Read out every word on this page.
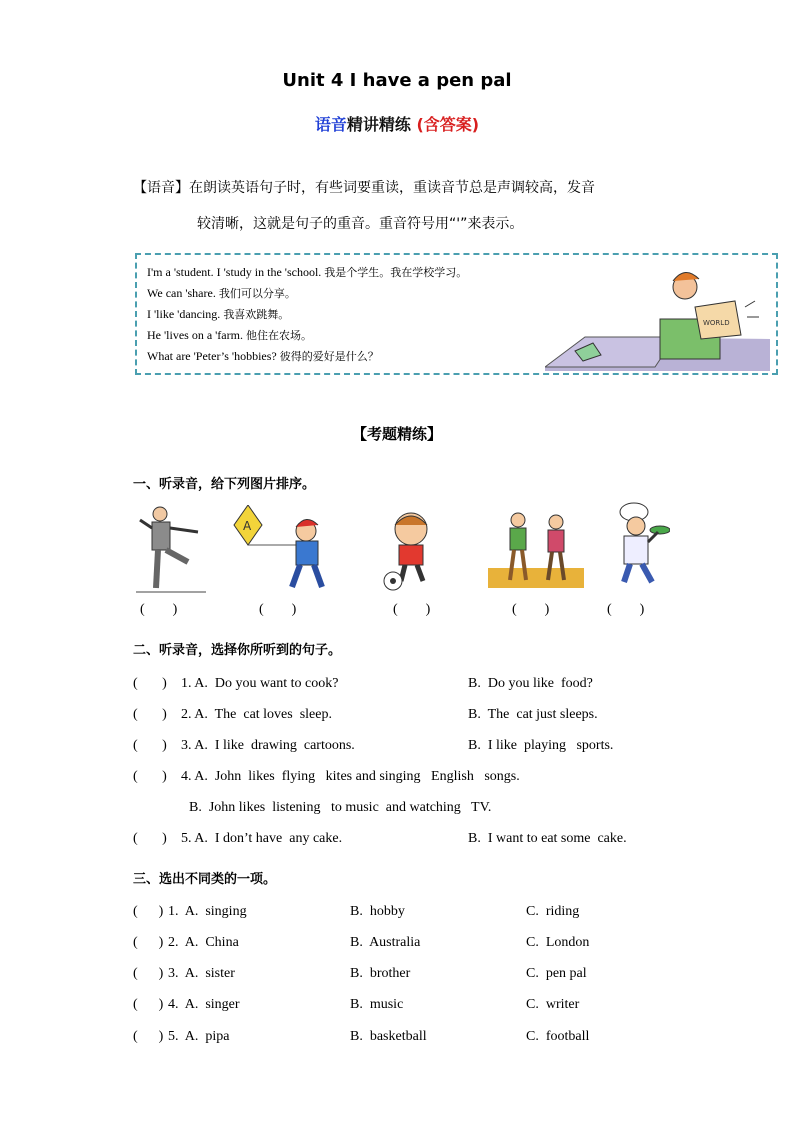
Unit 4 I have a pen pal
语音精讲精练 (含答案)
【语音】在朗读英语句子时，有些词要重读，重读音节总是声调较高，发音
较清晰，这就是句子的重音。重音符号用“'”来表示。
I'm a 'student. I 'study in the 'school. 我是个学生。我在学校学习。
We can 'share. 我们可以分享。
I 'like 'dancing. 我喜欢跳舞。
He 'lives on a 'farm. 他住在农场。
What are 'Peter’s 'hobbies? 彼得的爱好是什么？
WORLD
【考题精练】
一、听录音，给下列图片排序。
A
(        )	(        )	(        )	(        )	(        )
二、听录音，选择你所听到的句子。
(       ) 1. A.  Do you want to cook?	B.  Do you like  food?
(       ) 2. A.  The  cat loves  sleep.	B.  The  cat just sleeps.
(       ) 3. A.  I like  drawing  cartoons.	B.  I like  playing   sports.
(       ) 4. A.  John  likes  flying   kites and singing   English   songs.
B.  John likes  listening   to music  and watching   TV.
(       ) 5. A.  I don’t have  any cake.	B.  I want to eat some  cake.
三、选出不同类的一项。
(      ) 1.  A.  singing	B.  hobby	C.  riding
(      ) 2.  A.  China	B.  Australia	C.  London
(      ) 3.  A.  sister	B.  brother	C.  pen pal
(      ) 4.  A.  singer	B.  music	C.  writer
(      ) 5.  A.  pipa	B.  basketball	C.  football
